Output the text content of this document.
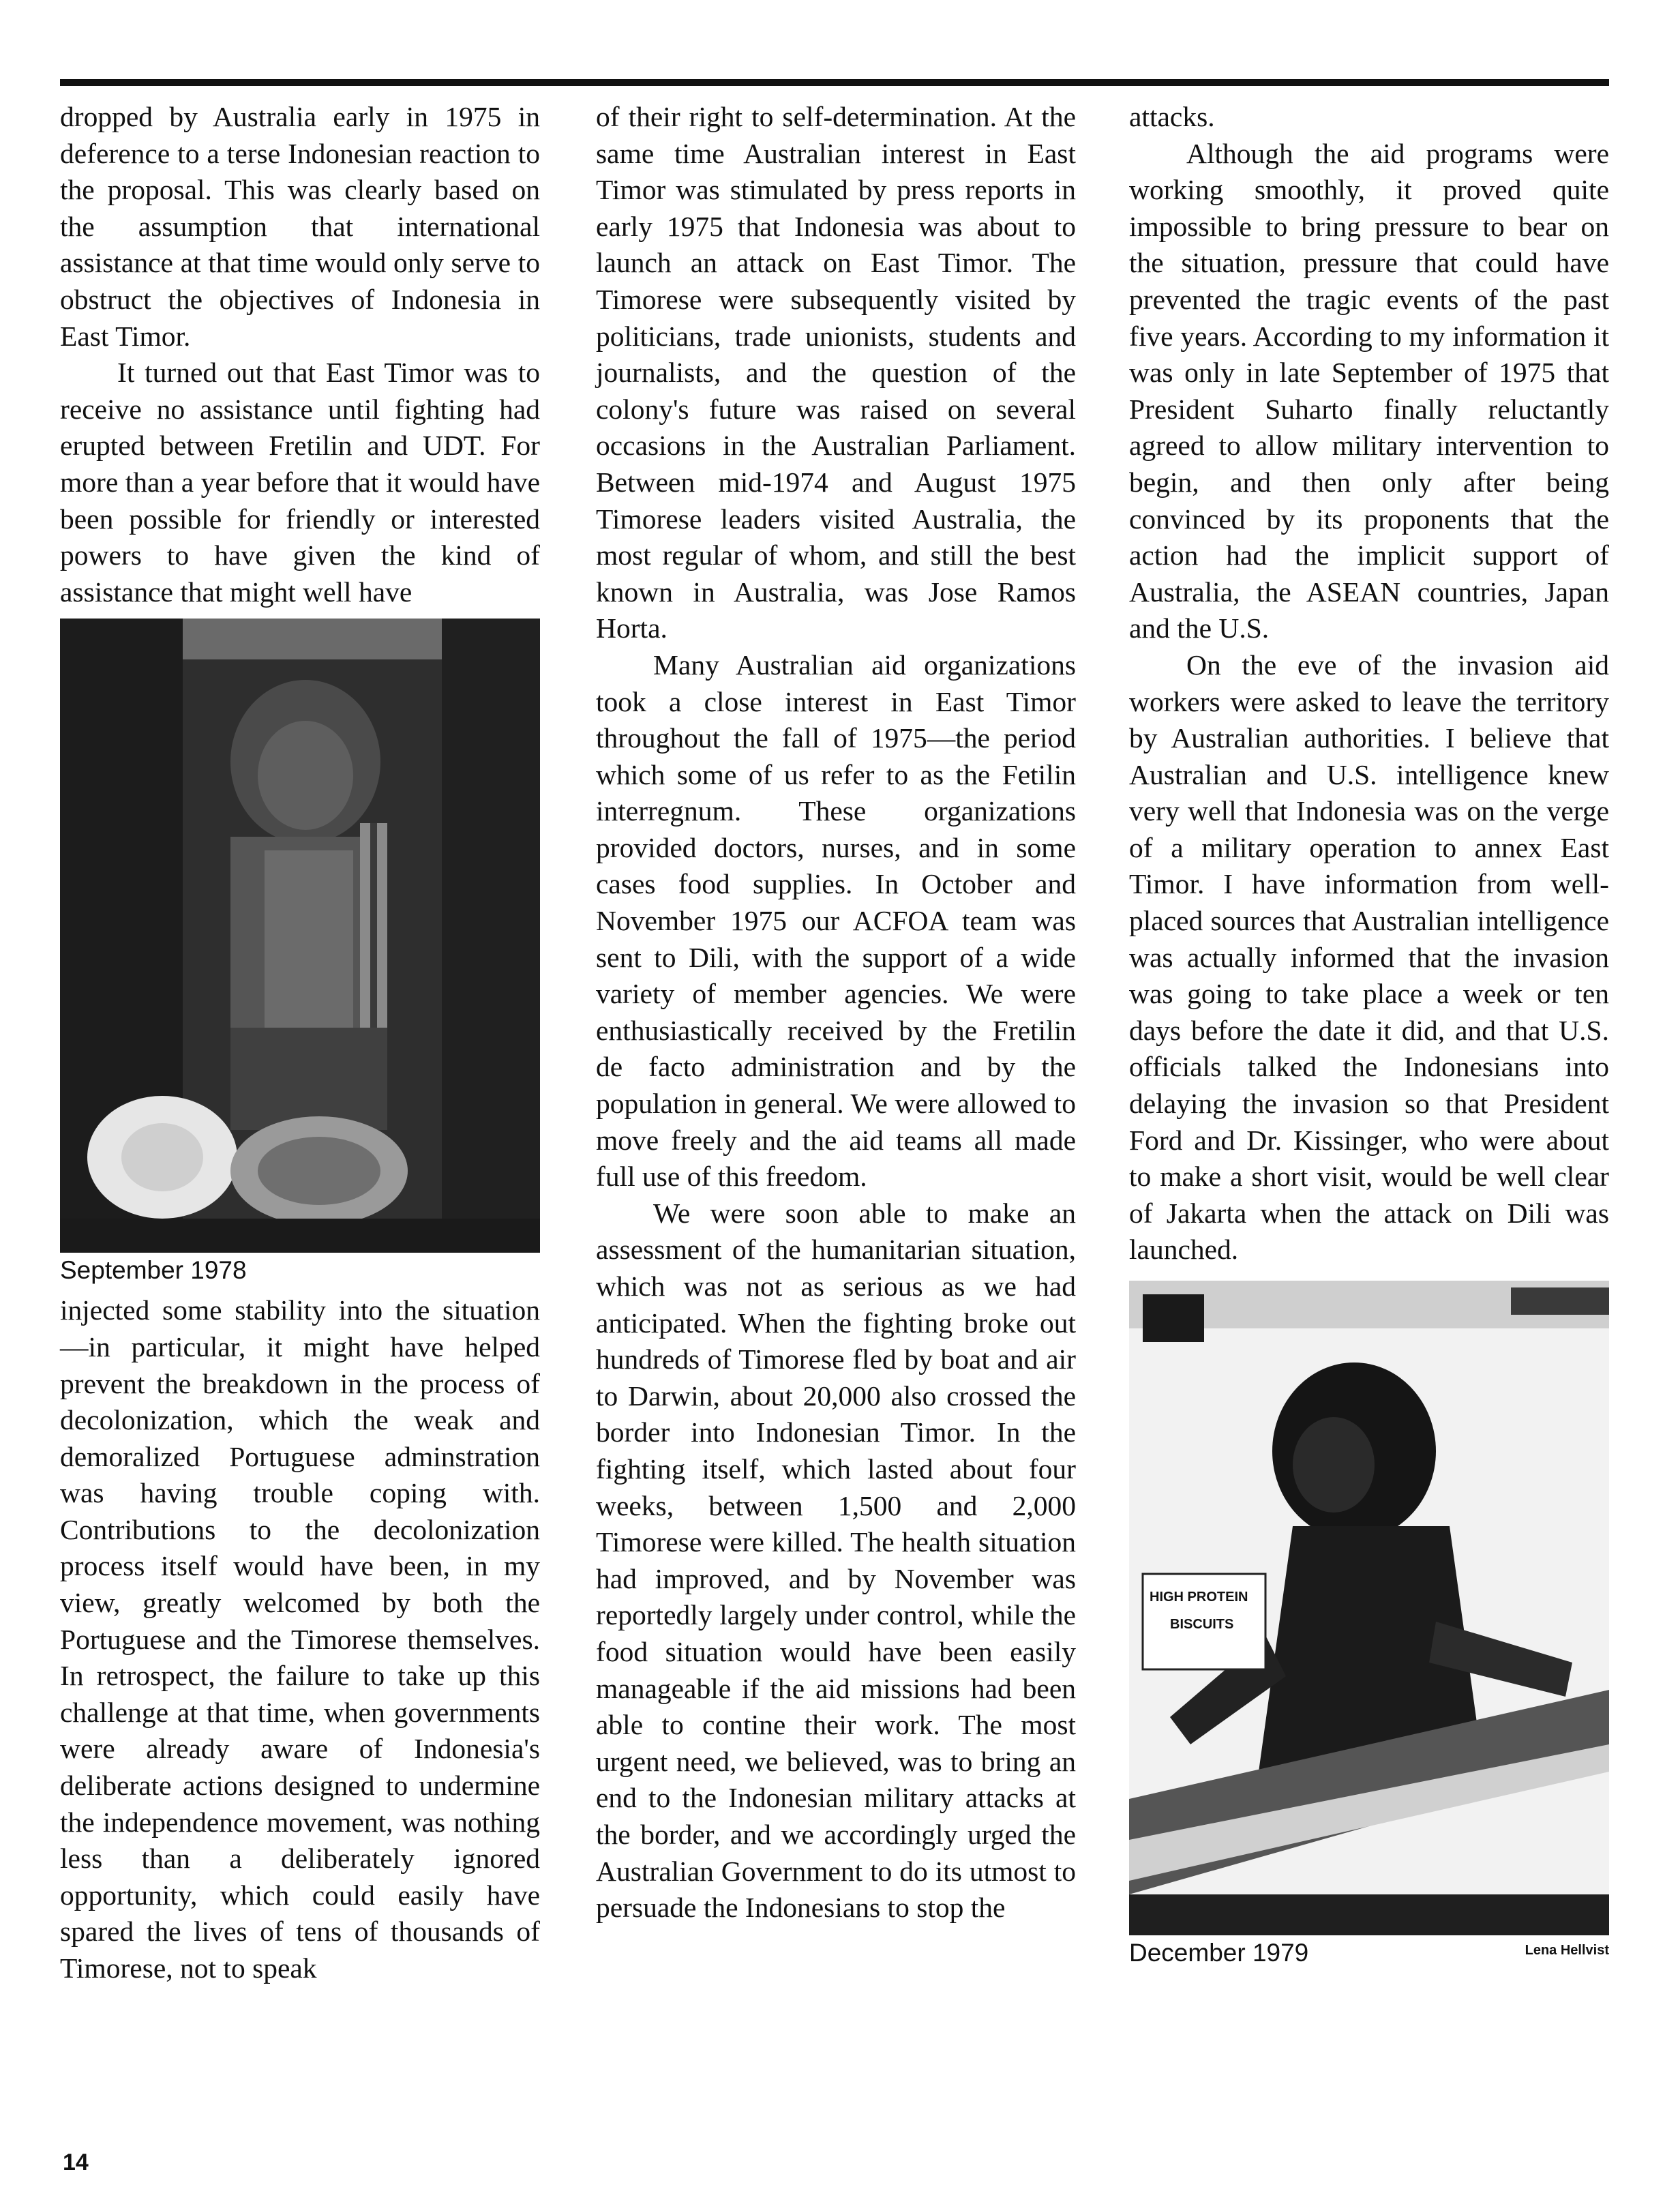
dropped by Australia early in 1975 in deference to a terse Indonesian reaction to the proposal. This was clearly based on the assumption that international assistance at that time would only serve to obstruct the objectives of Indonesia in East Timor.

It turned out that East Timor was to receive no assistance until fighting had erupted between Fretilin and UDT. For more than a year before that it would have been possible for friendly or interested powers to have given the kind of assistance that might well have

September 1978

injected some stability into the situation—in particular, it might have helped prevent the breakdown in the process of decolonization, which the weak and demoralized Portuguese adminstration was having trouble coping with. Contributions to the decolonization process itself would have been, in my view, greatly welcomed by both the Portuguese and the Timorese themselves. In retrospect, the failure to take up this challenge at that time, when governments were already aware of Indonesia's deliberate actions designed to undermine the independence movement, was nothing less than a deliberately ignored opportunity, which could easily have spared the lives of tens of thousands of Timorese, not to speak

of their right to self-determination. At the same time Australian interest in East Timor was stimulated by press reports in early 1975 that Indonesia was about to launch an attack on East Timor. The Timorese were subsequently visited by politicians, trade unionists, students and journalists, and the question of the colony's future was raised on several occasions in the Australian Parliament. Between mid-1974 and August 1975 Timorese leaders visited Australia, the most regular of whom, and still the best known in Australia, was Jose Ramos Horta.

Many Australian aid organizations took a close interest in East Timor throughout the fall of 1975—the period which some of us refer to as the Fetilin interregnum. These organizations provided doctors, nurses, and in some cases food supplies. In October and November 1975 our ACFOA team was sent to Dili, with the support of a wide variety of member agencies. We were enthusiastically received by the Fretilin de facto administration and by the population in general. We were allowed to move freely and the aid teams all made full use of this freedom.

We were soon able to make an assessment of the humanitarian situation, which was not as serious as we had anticipated. When the fighting broke out hundreds of Timorese fled by boat and air to Darwin, about 20,000 also crossed the border into Indonesian Timor. In the fighting itself, which lasted about four weeks, between 1,500 and 2,000 Timorese were killed. The health situation had improved, and by November was reportedly largely under control, while the food situation would have been easily manageable if the aid missions had been able to contine their work. The most urgent need, we believed, was to bring an end to the Indonesian military attacks at the border, and we accordingly urged the Australian Government to do its utmost to persuade the Indonesians to stop the

attacks.

Although the aid programs were working smoothly, it proved quite impossible to bring pressure to bear on the situation, pressure that could have prevented the tragic events of the past five years. According to my information it was only in late September of 1975 that President Suharto finally reluctantly agreed to allow military intervention to begin, and then only after being convinced by its proponents that the action had the implicit support of Australia, the ASEAN countries, Japan and the U.S.

On the eve of the invasion aid workers were asked to leave the territory by Australian authorities. I believe that Australian and U.S. intelligence knew very well that Indonesia was on the verge of a military operation to annex East Timor. I have information from well-placed sources that Australian intelligence was actually informed that the invasion was going to take place a week or ten days before the date it did, and that U.S. officials talked the Indonesians into delaying the invasion so that President Ford and Dr. Kissinger, who were about to make a short visit, would be well clear of Jakarta when the attack on Dili was launched.

HIGH PROTEIN
BISCUITS
December 1979	Lena Hellvist
14
